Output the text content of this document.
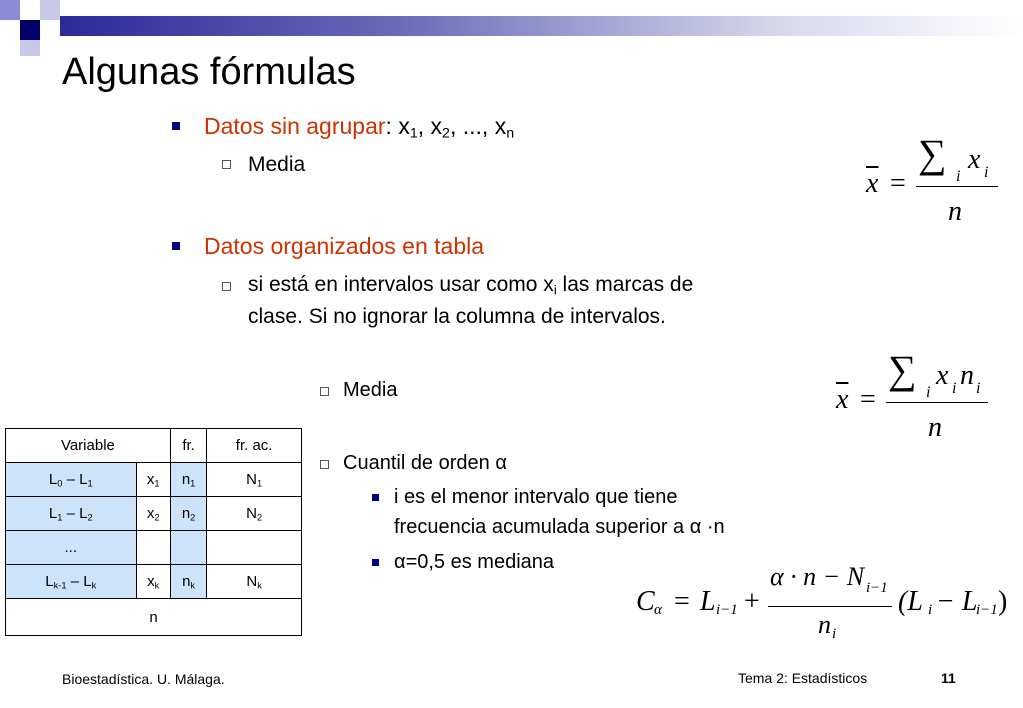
Algunas fórmulas
Datos sin agrupar: $x_1$, $x_2$, ..., $x_n$
Media
$\overline{x}$ =
∑
i
x i
n
Datos organizados en tabla
si está en intervalos usar como $x_i$ las marcas de
clase. Si no ignorar la columna de intervalos.
Media	$\overline{x}$ =
∑
i
x i n i
n
Variable		fr.	fr. ac.
$L_0 - L_1$	$x_1$	$n_1$	$N_1$
$L_1 - L_2$	$x_2$	$n_2$	$N_2$
...			
$L_{k-1} - L_k$	$x_k$	$n_k$	$N_k$
n			
Cuantil de orden α
i es el menor intervalo que tiene
frecuencia acumulada superior a α ·n
α=0,5 es mediana
C α = L i−1 +
α · n − N i−1
n i
(L i − L
i−1 )
Bioestadística. U. Málaga.	Tema 2: Estadísticos	11
